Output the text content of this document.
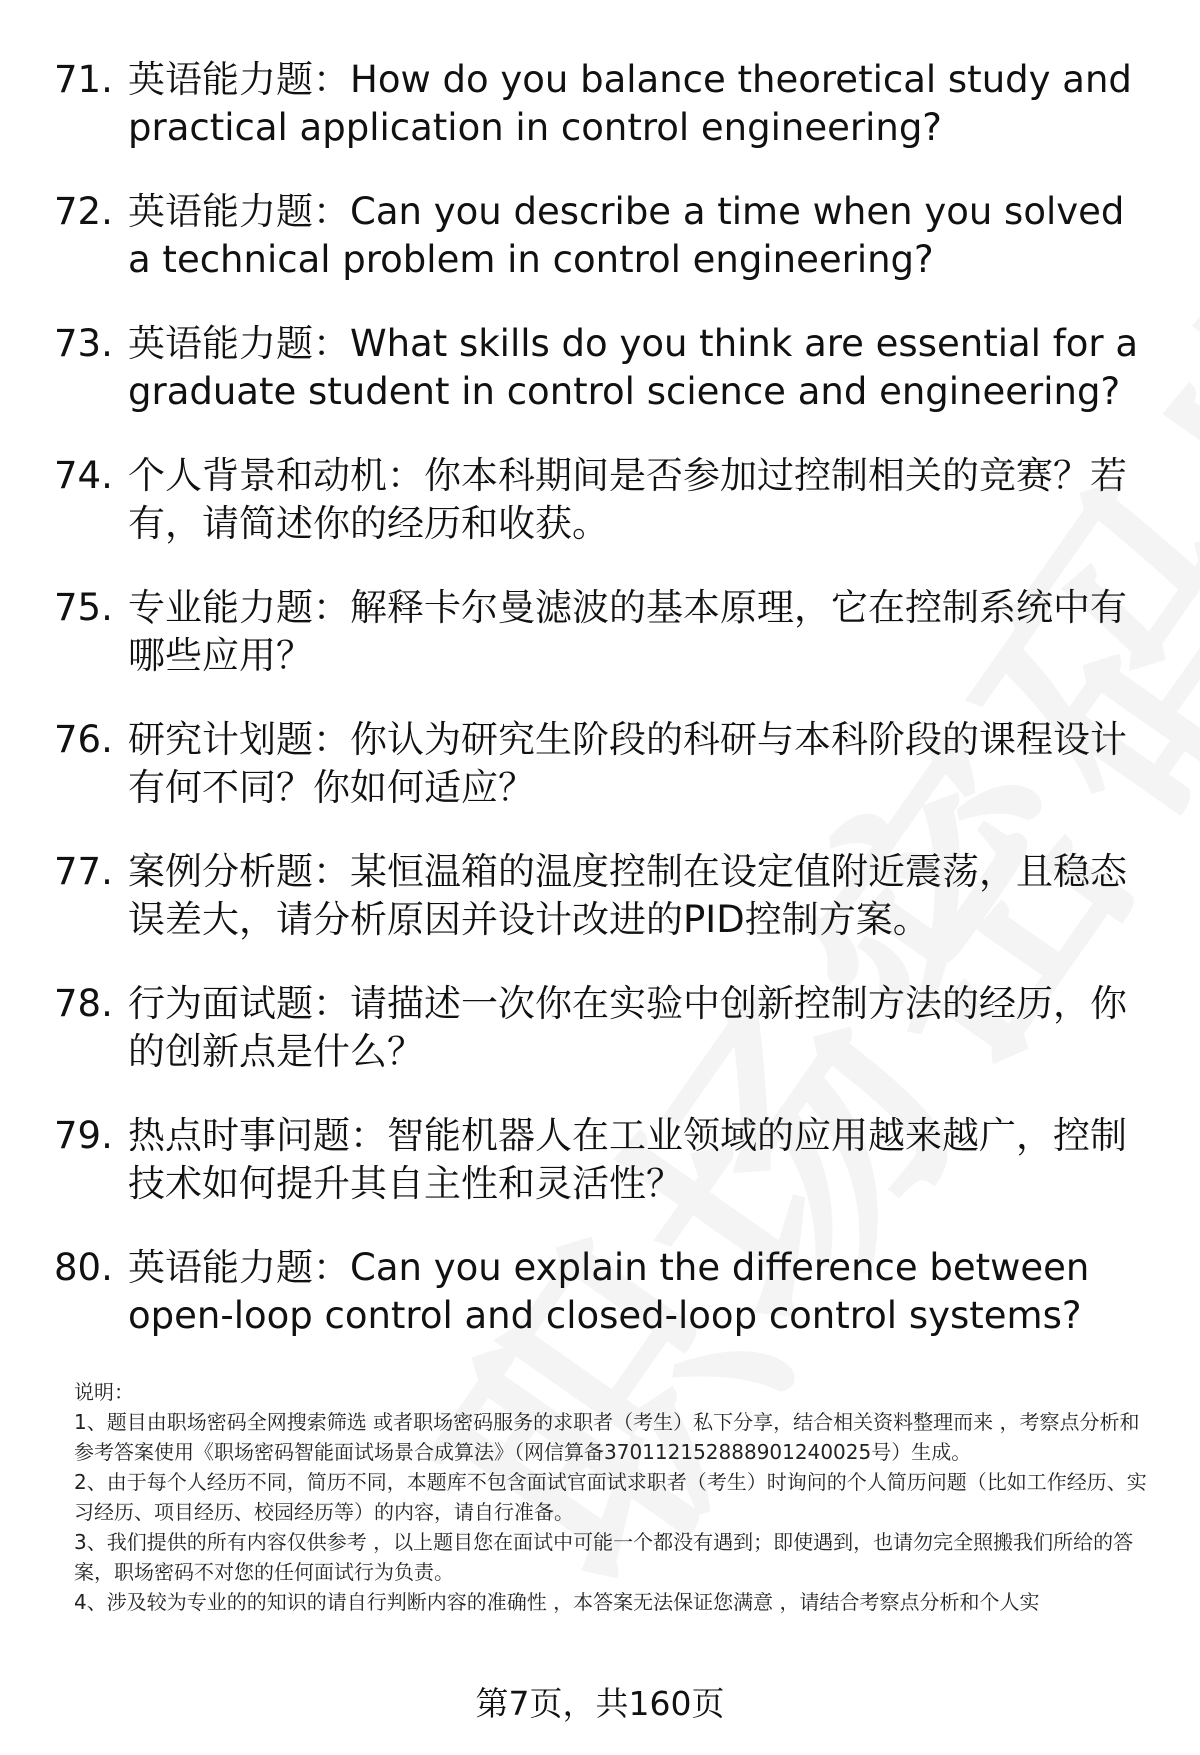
71. 英语能力题：How do you balance theoretical study and practical application in control engineering?
72. 英语能力题：Can you describe a time when you solved a technical problem in control engineering?
73. 英语能力题：What skills do you think are essential for a graduate student in control science and engineering?
74. 个人背景和动机：你本科期间是否参加过控制相关的竞赛？若有，请简述你的经历和收获。
75. 专业能力题：解释卡尔曼滤波的基本原理，它在控制系统中有哪些应用？
76. 研究计划题：你认为研究生阶段的科研与本科阶段的课程设计有何不同？你如何适应？
77. 案例分析题：某恒温箱的温度控制在设定值附近震荡，且稳态误差大，请分析原因并设计改进的PID控制方案。
78. 行为面试题：请描述一次你在实验中创新控制方法的经历，你的创新点是什么？
79. 热点时事问题：智能机器人在工业领域的应用越来越广，控制技术如何提升其自主性和灵活性？
80. 英语能力题：Can you explain the difference between open-loop control and closed-loop control systems?

说明：

1、题目由职场密码全网搜索筛选 或者职场密码服务的求职者（考生）私下分享，结合相关资料整理而来 ，考察点分析和参考答案使用《职场密码智能面试场景合成算法》（网信算备370112152888901240025号）生成。

2、由于每个人经历不同，简历不同，本题库不包含面试官面试求职者（考生）时询问的个人简历问题（比如工作经历、实习经历、项目经历、校园经历等）的内容，请自行准备。

3、我们提供的所有内容仅供参考 ，以上题目您在面试中可能一个都没有遇到；即使遇到，也请勿完全照搬我们所给的答案，职场密码不对您的任何面试行为负责。

4、涉及较为专业的的知识的请自行判断内容的准确性 ，本答案无法保证您满意 ，请结合考察点分析和个人实

第7页，共160页
